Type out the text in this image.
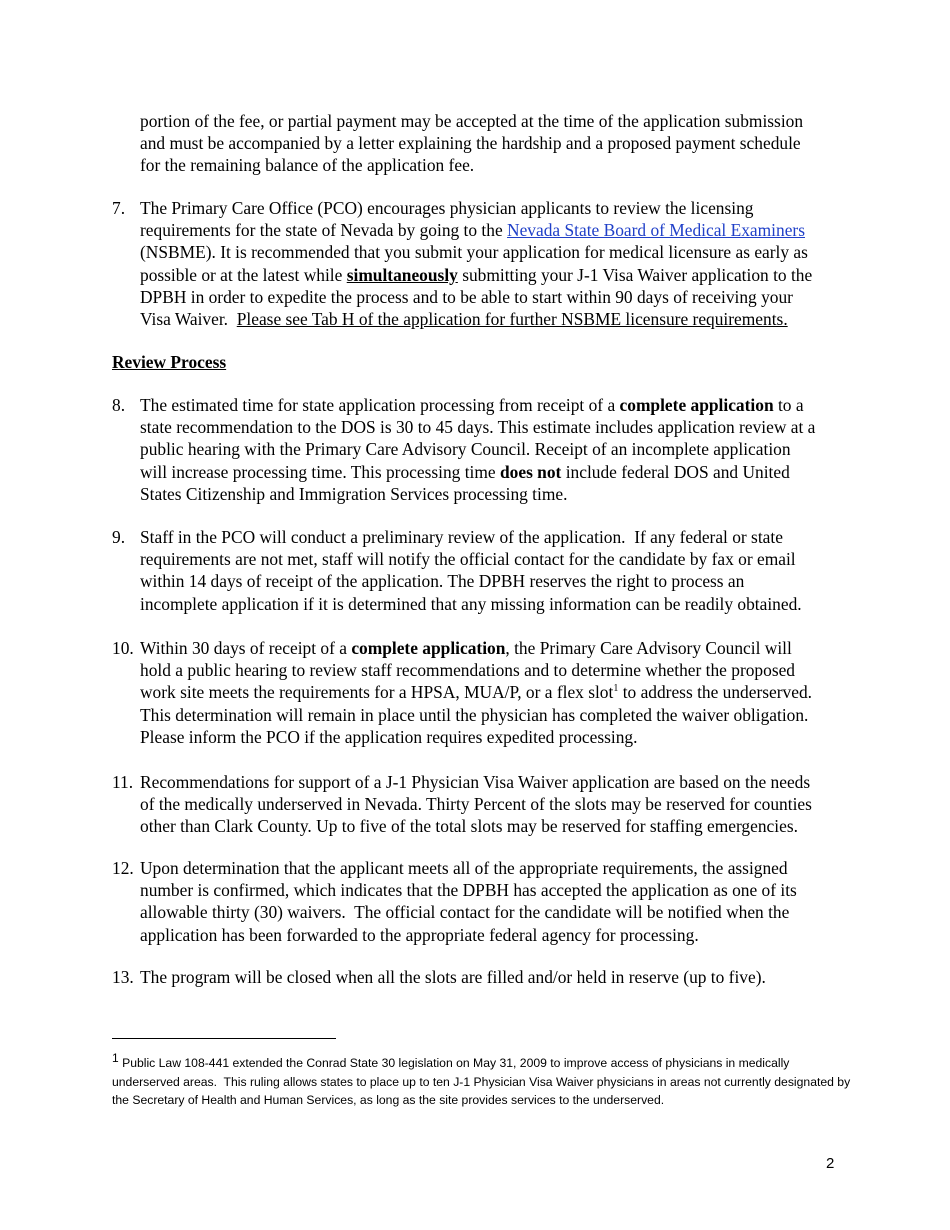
portion of the fee, or partial payment may be accepted at the time of the application submission
and must be accompanied by a letter explaining the hardship and a proposed payment schedule
for the remaining balance of the application fee.
7. The Primary Care Office (PCO) encourages physician applicants to review the licensing
requirements for the state of Nevada by going to the Nevada State Board of Medical Examiners
(NSBME). It is recommended that you submit your application for medical licensure as early as
possible or at the latest while simultaneously submitting your J-1 Visa Waiver application to the
DPBH in order to expedite the process and to be able to start within 90 days of receiving your
Visa Waiver.  Please see Tab H of the application for further NSBME licensure requirements.
Review Process
8. The estimated time for state application processing from receipt of a complete application to a
state recommendation to the DOS is 30 to 45 days. This estimate includes application review at a
public hearing with the Primary Care Advisory Council. Receipt of an incomplete application
will increase processing time. This processing time does not include federal DOS and United
States Citizenship and Immigration Services processing time.
9. Staff in the PCO will conduct a preliminary review of the application.  If any federal or state
requirements are not met, staff will notify the official contact for the candidate by fax or email
within 14 days of receipt of the application. The DPBH reserves the right to process an
incomplete application if it is determined that any missing information can be readily obtained.
10. Within 30 days of receipt of a complete application, the Primary Care Advisory Council will
hold a public hearing to review staff recommendations and to determine whether the proposed
work site meets the requirements for a HPSA, MUA/P, or a flex slot$^1$ to address the underserved.
This determination will remain in place until the physician has completed the waiver obligation.
Please inform the PCO if the application requires expedited processing.
11. Recommendations for support of a J-1 Physician Visa Waiver application are based on the needs
of the medically underserved in Nevada. Thirty Percent of the slots may be reserved for counties
other than Clark County. Up to five of the total slots may be reserved for staffing emergencies.
12. Upon determination that the applicant meets all of the appropriate requirements, the assigned
number is confirmed, which indicates that the DPBH has accepted the application as one of its
allowable thirty (30) waivers.  The official contact for the candidate will be notified when the
application has been forwarded to the appropriate federal agency for processing.
13. The program will be closed when all the slots are filled and/or held in reserve (up to five).
$^1$ Public Law 108-441 extended the Conrad State 30 legislation on May 31, 2009 to improve access of physicians in medically
underserved areas.  This ruling allows states to place up to ten J-1 Physician Visa Waiver physicians in areas not currently designated by
the Secretary of Health and Human Services, as long as the site provides services to the underserved.
2
